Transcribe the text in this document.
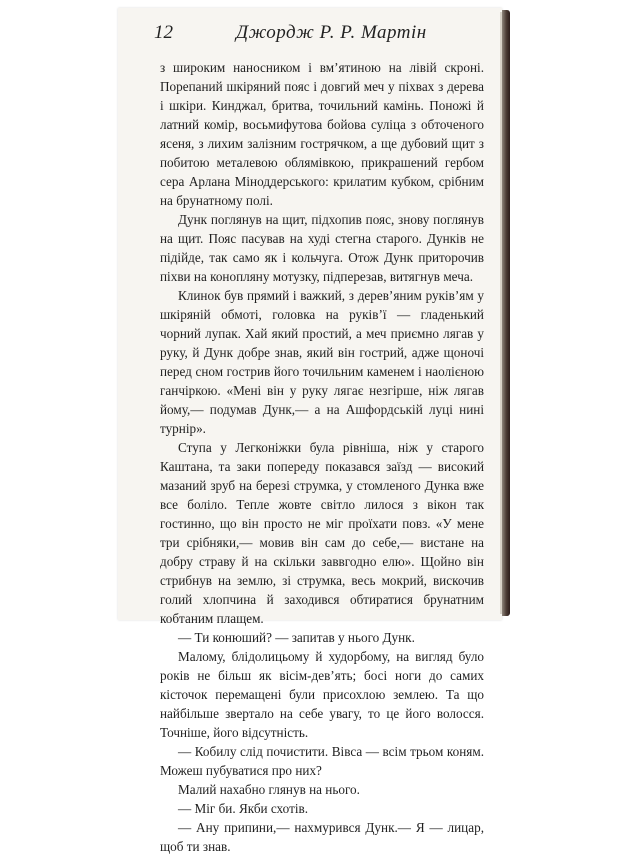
12	Джордж Р. Р. Мартін

з широким наносником і вм’ятиною на лівій скроні. Порепаний шкіряний пояс і довгий меч у піхвах з дерева і шкіри. Кинджал, бритва, точильний камінь. Поножі й латний комір, восьмифутова бойова суліца з обточеного ясеня, з лихим залізним гострячком, а ще дубовий щит з побитою металевою облямівкою, прикрашений гербом сера Арлана Міноддерського: крилатим кубком, срібним на брунатному полі.

Дунк поглянув на щит, підхопив пояс, знову поглянув на щит. Пояс пасував на худі стегна старого. Дунків не підійде, так само як і кольчуга. Отож Дунк приторочив піхви на конопляну мотузку, підперезав, витягнув меча.

Клинок був прямий і важкий, з дерев’яним руків’ям у шкіряній обмоті, головка на руків’ї — гладенький чорний лупак. Хай який простий, а меч приємно лягав у руку, й Дунк добре знав, який він гострий, адже щоночі перед сном гострив його точильним каменем і наолієною ганчіркою. «Мені він у руку лягає незгірше, ніж лягав йому,— подумав Дунк,— а на Ашфордській луці нині турнір».

Ступа у Легконіжки була рівніша, ніж у старого Каштана, та заки попереду показався заїзд — високий мазаний зруб на березі струмка, у стомленого Дунка вже все боліло. Тепле жовте світло лилося з вікон так гостинно, що він просто не міг проїхати повз. «У мене три срібняки,— мовив він сам до себе,— вистане на добру страву й на скільки заввгодно елю». Щойно він стрибнув на землю, зі струмка, весь мокрий, вискочив голий хлопчина й заходився обтиратися брунатним кобтаним плащем.

— Ти конюший? — запитав у нього Дунк.

Малому, блідолицьому й худорбому, на вигляд було років не більш як вісім-дев’ять; босі ноги до самих кісточок перемащені були присохлою землею. Та що найбільше звертало на себе увагу, то це його волосся. Точніше, його відсутність.

— Кобилу слід почистити. Вівса — всім трьом коням. Можеш пубуватися про них?

Малий нахабно глянув на нього.

— Міг би. Якби схотів.

— Ану припини,— нахмурився Дунк.— Я — лицар, щоб ти знав.
